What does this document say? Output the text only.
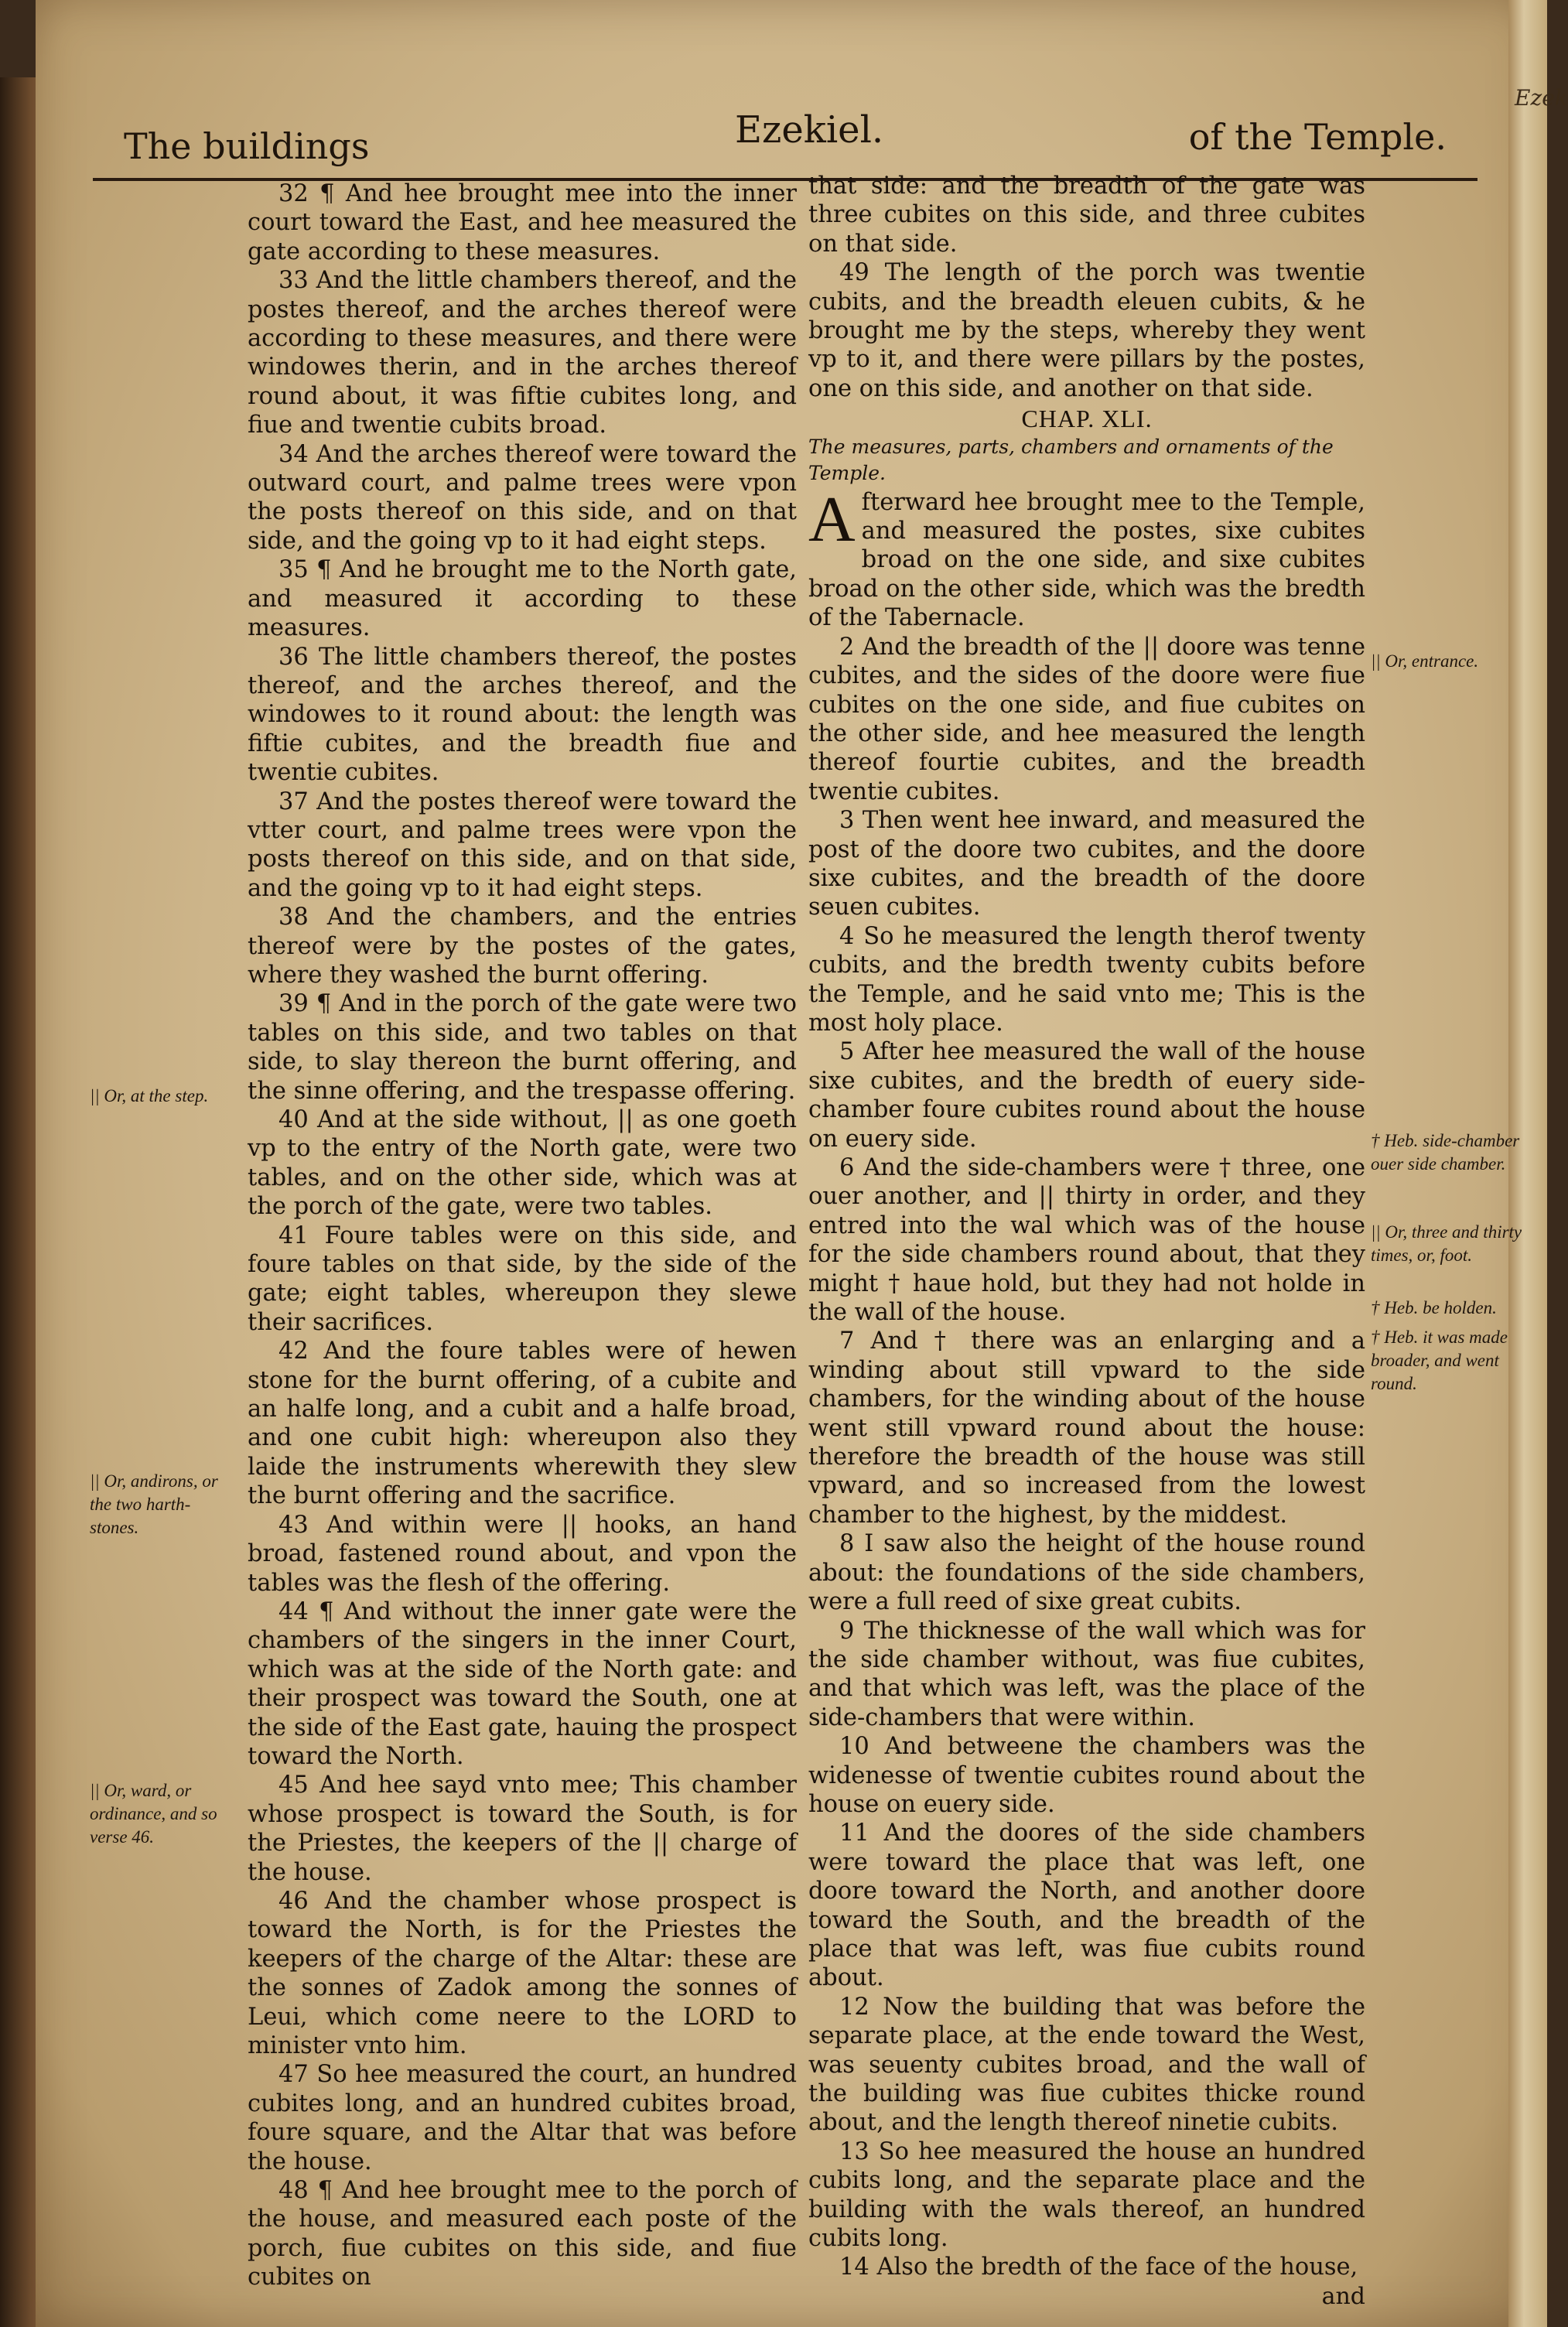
Ezek
The buildings	Ezekiel.	of the Temple.

32 ¶ And hee brought mee into the inner court toward the East, and hee measured the gate according to these measures.

33 And the little chambers thereof, and the postes thereof, and the arches thereof were according to these measures, and there were windowes therin, and in the arches thereof round about, it was fiftie cubites long, and fiue and twentie cubits broad.

34 And the arches thereof were toward the outward court, and palme trees were vpon the posts thereof on this side, and on that side, and the going vp to it had eight steps.

35 ¶ And he brought me to the North gate, and measured it according to these measures.

36 The little chambers thereof, the postes thereof, and the arches thereof, and the windowes to it round about: the length was fiftie cubites, and the breadth fiue and twentie cubites.

37 And the postes thereof were toward the vtter court, and palme trees were vpon the posts thereof on this side, and on that side, and the going vp to it had eight steps.

38 And the chambers, and the entries thereof were by the postes of the gates, where they washed the burnt offering.

39 ¶ And in the porch of the gate were two tables on this side, and two tables on that side, to slay thereon the burnt offering, and the sinne offering, and the trespasse offering.

40 And at the side without, || as one goeth vp to the entry of the North gate, were two tables, and on the other side, which was at the porch of the gate, were two tables.

41 Foure tables were on this side, and foure tables on that side, by the side of the gate; eight tables, whereupon they slewe their sacrifices.

42 And the foure tables were of hewen stone for the burnt offering, of a cubite and an halfe long, and a cubit and a halfe broad, and one cubit high: whereupon also they laide the instruments wherewith they slew the burnt offering and the sacrifice.

43 And within were || hooks, an hand broad, fastened round about, and vpon the tables was the flesh of the offering.

44 ¶ And without the inner gate were the chambers of the singers in the inner Court, which was at the side of the North gate: and their prospect was toward the South, one at the side of the East gate, hauing the prospect toward the North.

45 And hee sayd vnto mee; This chamber whose prospect is toward the South, is for the Priestes, the keepers of the || charge of the house.

46 And the chamber whose prospect is toward the North, is for the Priestes the keepers of the charge of the Altar: these are the sonnes of Zadok among the sonnes of Leui, which come neere to the LORD to minister vnto him.

47 So hee measured the court, an hundred cubites long, and an hundred cubites broad, foure square, and the Altar that was before the house.

48 ¶ And hee brought mee to the porch of the house, and measured each poste of the porch, fiue cubites on this side, and fiue cubites on

that side: and the breadth of the gate was three cubites on this side, and three cubites on that side.

49 The length of the porch was twentie cubits, and the breadth eleuen cubits, & he brought me by the steps, whereby they went vp to it, and there were pillars by the postes, one on this side, and another on that side.

CHAP. XLI.
The measures, parts, chambers and ornaments of the Temple.

Afterward hee brought mee to the Temple, and measured the postes, sixe cubites broad on the one side, and sixe cubites broad on the other side, which was the bredth of the Tabernacle.

2 And the breadth of the || doore was tenne cubites, and the sides of the doore were fiue cubites on the one side, and fiue cubites on the other side, and hee measured the length thereof fourtie cubites, and the breadth twentie cubites.

3 Then went hee inward, and measured the post of the doore two cubites, and the doore sixe cubites, and the breadth of the doore seuen cubites.

4 So he measured the length therof twenty cubits, and the bredth twenty cubits before the Temple, and he said vnto me; This is the most holy place.

5 After hee measured the wall of the house sixe cubites, and the bredth of euery side-chamber foure cubites round about the house on euery side.

6 And the side-chambers were † three, one ouer another, and || thirty in order, and they entred into the wal which was of the house for the side chambers round about, that they might † haue hold, but they had not holde in the wall of the house.

7 And † there was an enlarging and a winding about still vpward to the side chambers, for the winding about of the house went still vpward round about the house: therefore the breadth of the house was still vpward, and so increased from the lowest chamber to the highest, by the middest.

8 I saw also the height of the house round about: the foundations of the side chambers, were a full reed of sixe great cubits.

9 The thicknesse of the wall which was for the side chamber without, was fiue cubites, and that which was left, was the place of the side-chambers that were within.

10 And betweene the chambers was the widenesse of twentie cubites round about the house on euery side.

11 And the doores of the side chambers were toward the place that was left, one doore toward the North, and another doore toward the South, and the breadth of the place that was left, was fiue cubits round about.

12 Now the building that was before the separate place, at the ende toward the West, was seuenty cubites broad, and the wall of the building was fiue cubites thicke round about, and the length thereof ninetie cubits.

13 So hee measured the house an hundred cubits long, and the separate place and the building with the wals thereof, an hundred cubits long.

14 Also the bredth of the face of the house,

and
|| Or, at the step.
|| Or, andirons, or the two harth-stones.
|| Or, ward, or ordinance, and so verse 46.
|| Or, entrance.
† Heb. side-chamber ouer side chamber.
|| Or, three and thirty times, or, foot.
† Heb. be holden.
† Heb. it was made broader, and went round.
